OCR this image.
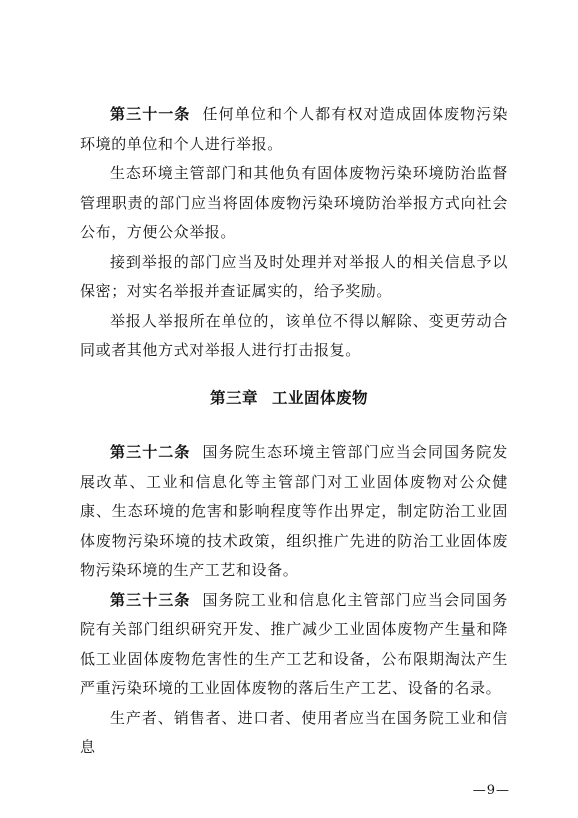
第三十一条 任何单位和个人都有权对造成固体废物污染环境的单位和个人进行举报。

生态环境主管部门和其他负有固体废物污染环境防治监督管理职责的部门应当将固体废物污染环境防治举报方式向社会公布，方便公众举报。

接到举报的部门应当及时处理并对举报人的相关信息予以保密；对实名举报并查证属实的，给予奖励。

举报人举报所在单位的，该单位不得以解除、变更劳动合同或者其他方式对举报人进行打击报复。

第三章 工业固体废物

第三十二条 国务院生态环境主管部门应当会同国务院发展改革、工业和信息化等主管部门对工业固体废物对公众健康、生态环境的危害和影响程度等作出界定，制定防治工业固体废物污染环境的技术政策，组织推广先进的防治工业固体废物污染环境的生产工艺和设备。

第三十三条 国务院工业和信息化主管部门应当会同国务院有关部门组织研究开发、推广减少工业固体废物产生量和降低工业固体废物危害性的生产工艺和设备，公布限期淘汰产生严重污染环境的工业固体废物的落后生产工艺、设备的名录。

生产者、销售者、进口者、使用者应当在国务院工业和信息

—9—
